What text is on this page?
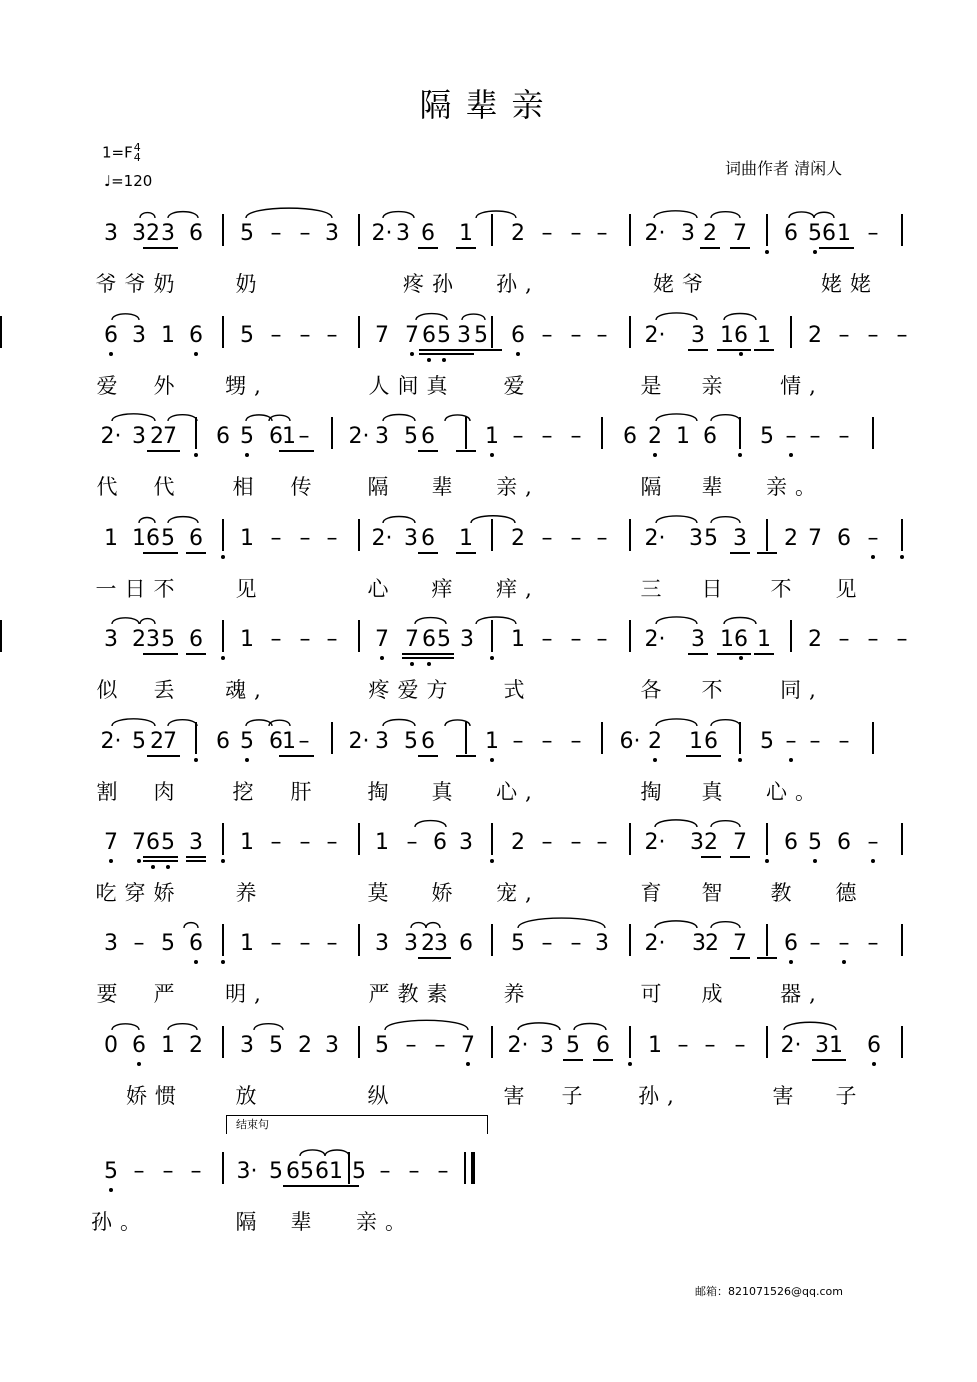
隔辈亲
1=F 4
4
♩=120
词曲作者 清闲人
3 3 2 3 6 5 – – 3 2· 3 6 1 2 – – – 2· 3 2 7 6 5 6 1 –
爷爷奶	奶	疼孙 孙,	姥爷	姥姥
6 3 1 6 5 – – – 7 7 6 5 3 5 6 – – – 2· 3 1 6 1 2 – – –
爱 外 甥,	人间真 爱	是 亲 情,
2· 3 2 7 6 5 6 1 – 2· 3 5 6 1 – – – 6 2 1 6 5 – – –
代 代 相 传 隔 辈 亲,	隔 辈 亲。
1 1 6 5 6 1 – – – 2· 3 6 1 2 – – – 2· 3 5 3 2 7 6 –
一日不	见	心 痒 痒,	三 日 不 见
3 2 3 5 6 1 – – – 7 7 6 5 3 1 – – – 2· 3 1 6 1 2 – – –
似 丢 魂,	疼爱方 式	各 不 同,
2· 5 2 7 6 5 6 1 – 2· 3 5 6 1 – – – 6· 2 1 6 5 – – –
割 肉 挖 肝 掏 真 心,	掏 真 心。
7 7 6 5 3 1 – – – 1 – 6 3 2 – – – 2· 3 2 7 6 5 6 –
吃穿娇	养	莫 娇 宠,	育 智 教 德
3 – 5 6 1 – – – 3 3 2 3 6 5 – – 3 2· 3 2 7 6 – – –
要 严 明,	严教素 养	可 成 器,
0 6 1 2 3 5 2 3 5 – – 7 2· 3 5 6 1 – – – 2· 3 1 6
娇惯 放	纵	害 子 孙,	害 子
5 – – – 3· 5 6 5 6 1 5 – – –
孙。	隔 辈 亲。
结束句
邮箱：821071526@qq.com
